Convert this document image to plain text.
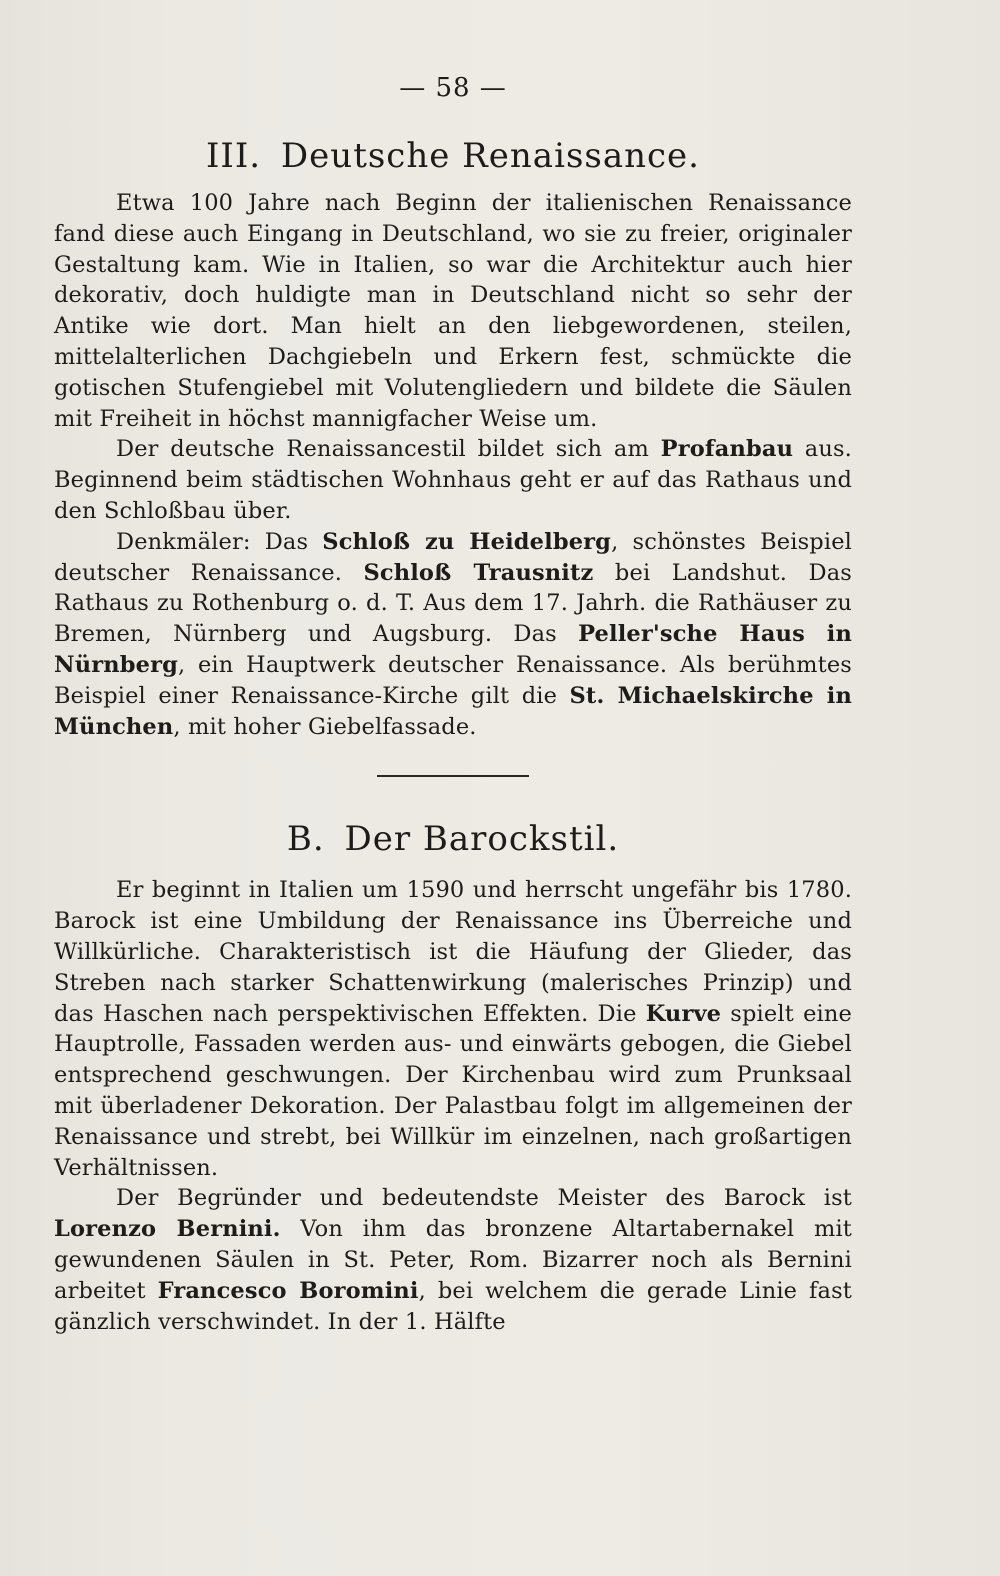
— 58 —
III. Deutsche Renaissance.

Etwa 100 Jahre nach Beginn der italienischen Renaissance fand diese auch Eingang in Deutschland, wo sie zu freier, originaler Gestaltung kam. Wie in Italien, so war die Architektur auch hier dekorativ, doch huldigte man in Deutschland nicht so sehr der Antike wie dort. Man hielt an den liebgewordenen, steilen, mittelalterlichen Dachgiebeln und Erkern fest, schmückte die gotischen Stufengiebel mit Volutengliedern und bildete die Säulen mit Freiheit in höchst mannigfacher Weise um.

Der deutsche Renaissancestil bildet sich am Profanbau aus. Beginnend beim städtischen Wohnhaus geht er auf das Rathaus und den Schloßbau über.

Denkmäler: Das Schloß zu Heidelberg, schönstes Beispiel deutscher Renaissance. Schloß Trausnitz bei Landshut. Das Rathaus zu Rothenburg o. d. T. Aus dem 17. Jahrh. die Rathäuser zu Bremen, Nürnberg und Augsburg. Das Peller'sche Haus in Nürnberg, ein Hauptwerk deutscher Renaissance. Als berühmtes Beispiel einer Renaissance-Kirche gilt die St. Michaelskirche in München, mit hoher Giebelfassade.

B. Der Barockstil.

Er beginnt in Italien um 1590 und herrscht ungefähr bis 1780. Barock ist eine Umbildung der Renaissance ins Überreiche und Willkürliche. Charakteristisch ist die Häufung der Glieder, das Streben nach starker Schattenwirkung (malerisches Prinzip) und das Haschen nach perspektivischen Effekten. Die Kurve spielt eine Hauptrolle, Fassaden werden aus- und einwärts gebogen, die Giebel entsprechend geschwungen. Der Kirchenbau wird zum Prunksaal mit überladener Dekoration. Der Palastbau folgt im allgemeinen der Renaissance und strebt, bei Willkür im einzelnen, nach großartigen Verhältnissen.

Der Begründer und bedeutendste Meister des Barock ist Lorenzo Bernini. Von ihm das bronzene Altartabernakel mit gewundenen Säulen in St. Peter, Rom. Bizarrer noch als Bernini arbeitet Francesco Boromini, bei welchem die gerade Linie fast gänzlich verschwindet. In der 1. Hälfte
